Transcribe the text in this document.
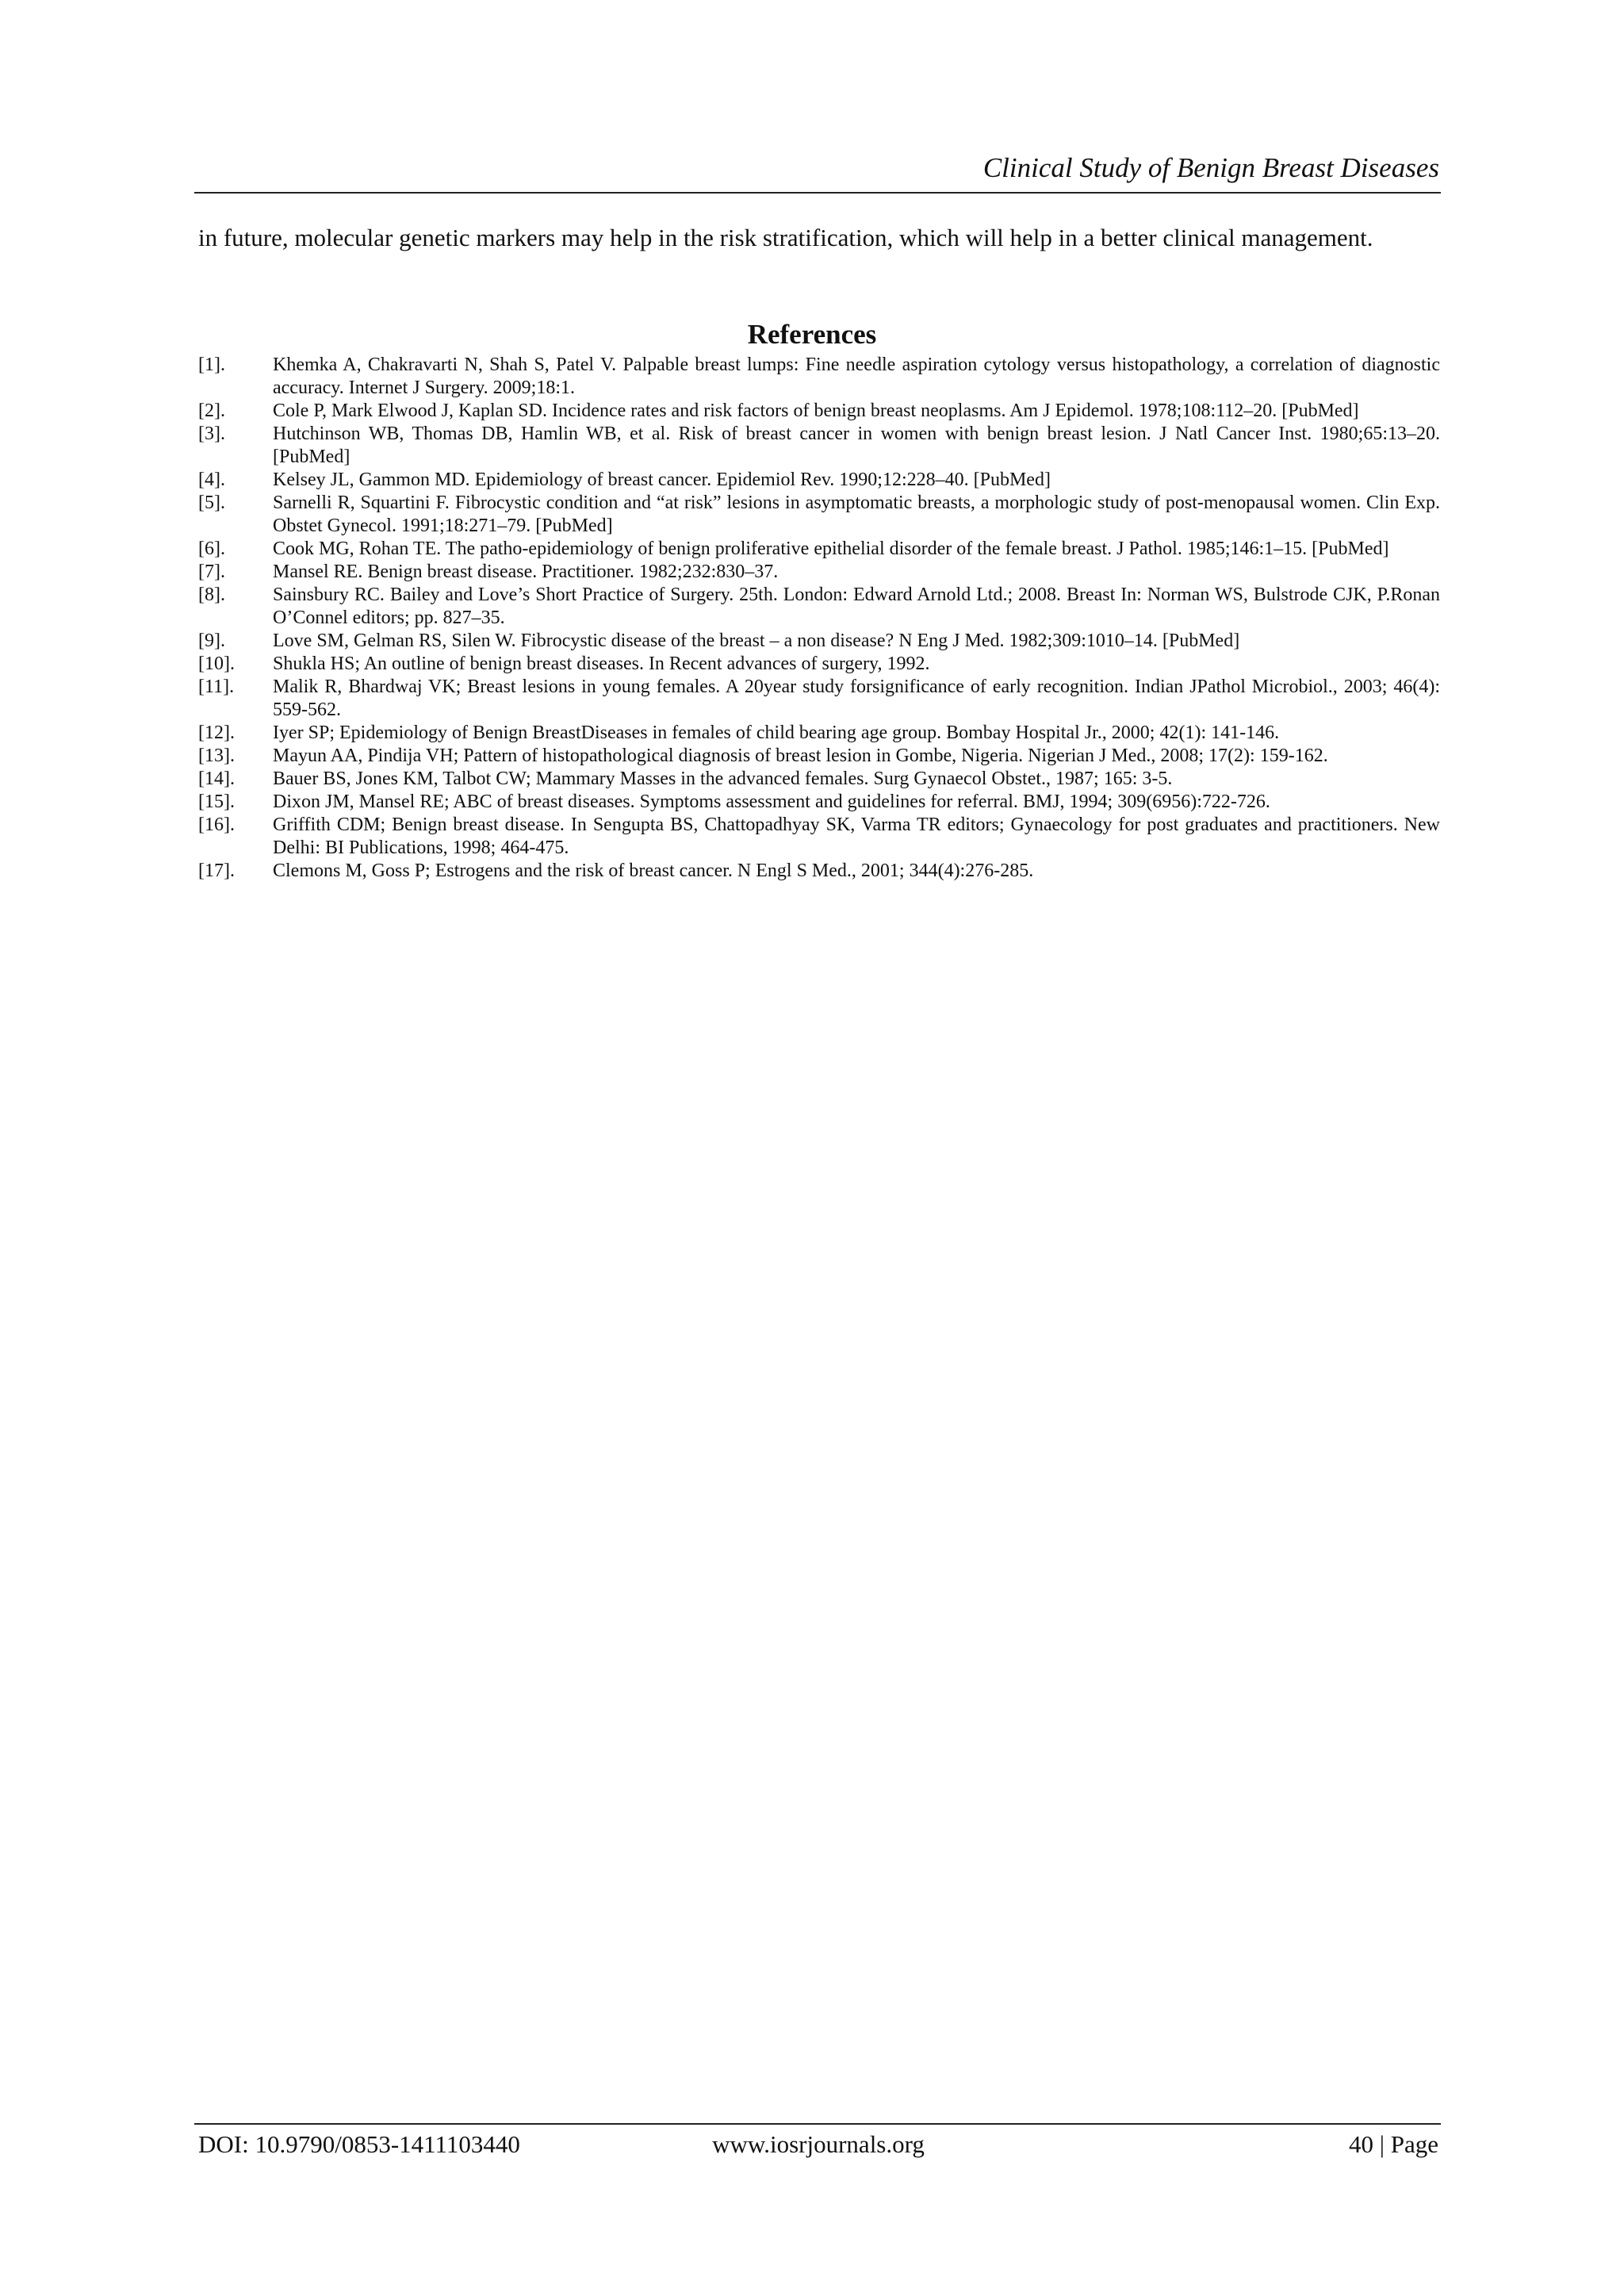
Clinical Study of Benign Breast Diseases

in future, molecular genetic markers may help in the risk stratification, which will help in a better clinical management.

References
[1].	Khemka A, Chakravarti N, Shah S, Patel V. Palpable breast lumps: Fine needle aspiration cytology versus histopathology, a correlation of diagnostic accuracy. Internet J Surgery. 2009;18:1.
[2].	Cole P, Mark Elwood J, Kaplan SD. Incidence rates and risk factors of benign breast neoplasms. Am J Epidemol. 1978;108:112–20. [PubMed]
[3].	Hutchinson WB, Thomas DB, Hamlin WB, et al. Risk of breast cancer in women with benign breast lesion. J Natl Cancer Inst. 1980;65:13–20. [PubMed]
[4].	Kelsey JL, Gammon MD. Epidemiology of breast cancer. Epidemiol Rev. 1990;12:228–40. [PubMed]
[5].	Sarnelli R, Squartini F. Fibrocystic condition and “at risk” lesions in asymptomatic breasts, a morphologic study of post-menopausal women. Clin Exp. Obstet Gynecol. 1991;18:271–79. [PubMed]
[6].	Cook MG, Rohan TE. The patho-epidemiology of benign proliferative epithelial disorder of the female breast. J Pathol. 1985;146:1–15. [PubMed]
[7].	Mansel RE. Benign breast disease. Practitioner. 1982;232:830–37.
[8].	Sainsbury RC. Bailey and Love’s Short Practice of Surgery. 25th. London: Edward Arnold Ltd.; 2008. Breast In: Norman WS, Bulstrode CJK, P.Ronan O’Connel editors; pp. 827–35.
[9].	Love SM, Gelman RS, Silen W. Fibrocystic disease of the breast – a non disease? N Eng J Med. 1982;309:1010–14. [PubMed]
[10].	Shukla HS; An outline of benign breast diseases. In Recent advances of surgery, 1992.
[11].	Malik R, Bhardwaj VK; Breast lesions in young females. A 20year study forsignificance of early recognition. Indian JPathol Microbiol., 2003; 46(4): 559-562.
[12].	Iyer SP; Epidemiology of Benign BreastDiseases in females of child bearing age group. Bombay Hospital Jr., 2000; 42(1): 141-146.
[13].	Mayun AA, Pindija VH; Pattern of histopathological diagnosis of breast lesion in Gombe, Nigeria. Nigerian J Med., 2008; 17(2): 159-162.
[14].	Bauer BS, Jones KM, Talbot CW; Mammary Masses in the advanced females. Surg Gynaecol Obstet., 1987; 165: 3-5.
[15].	Dixon JM, Mansel RE; ABC of breast diseases. Symptoms assessment and guidelines for referral. BMJ, 1994; 309(6956):722-726.
[16].	Griffith CDM; Benign breast disease. In Sengupta BS, Chattopadhyay SK, Varma TR editors; Gynaecology for post graduates and practitioners. New Delhi: BI Publications, 1998; 464-475.
[17].	Clemons M, Goss P; Estrogens and the risk of breast cancer. N Engl S Med., 2001; 344(4):276-285.
DOI: 10.9790/0853-1411103440	www.iosrjournals.org	40 | Page
